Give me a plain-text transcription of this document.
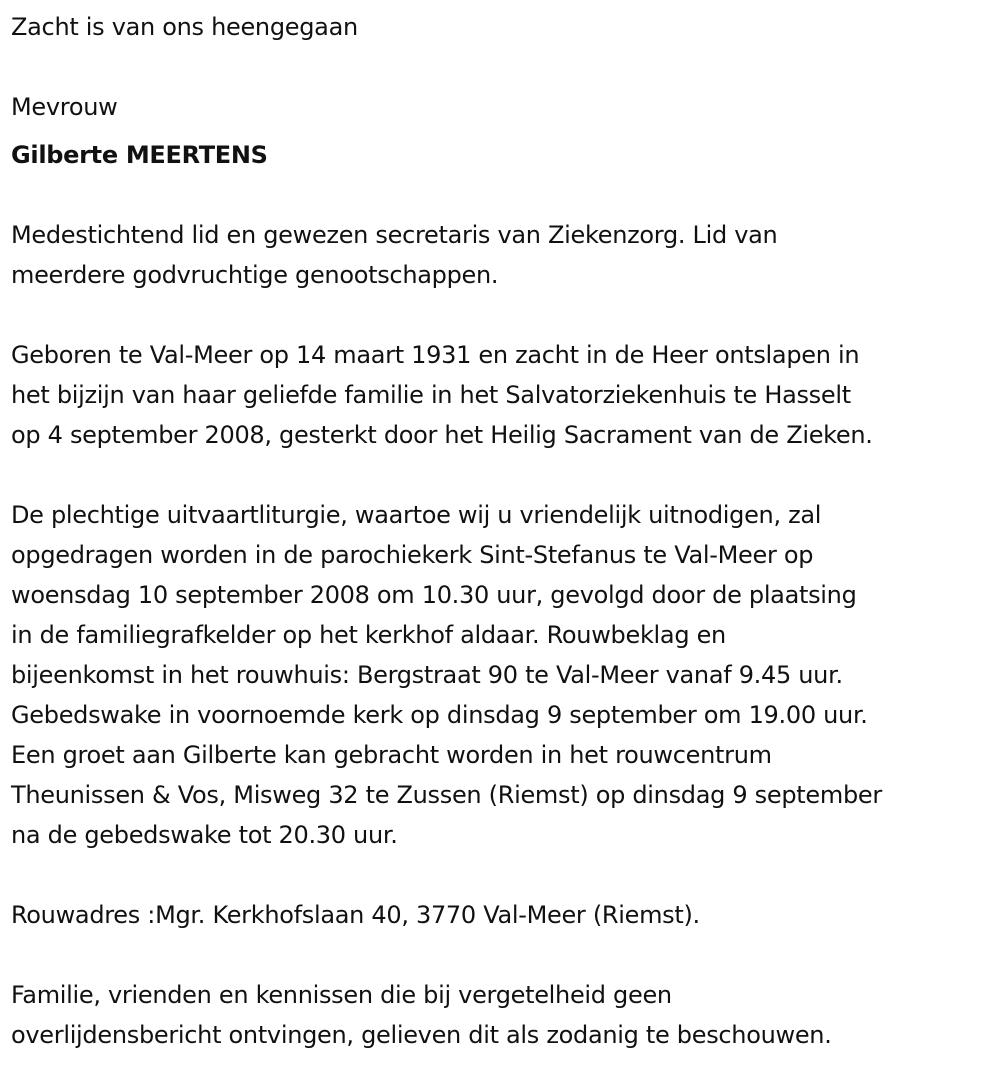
Zacht is van ons heengegaan

Mevrouw

Gilberte MEERTENS

Medestichtend lid en gewezen secretaris van Ziekenzorg. Lid van

meerdere godvruchtige genootschappen.

Geboren te Val-Meer op 14 maart 1931 en zacht in de Heer ontslapen in

het bijzijn van haar geliefde familie in het Salvatorziekenhuis te Hasselt

op 4 september 2008, gesterkt door het Heilig Sacrament van de Zieken.

De plechtige uitvaartliturgie, waartoe wij u vriendelijk uitnodigen, zal

opgedragen worden in de parochiekerk Sint-Stefanus te Val-Meer op

woensdag 10 september 2008 om 10.30 uur, gevolgd door de plaatsing

in de familiegrafkelder op het kerkhof aldaar. Rouwbeklag en

bijeenkomst in het rouwhuis: Bergstraat 90 te Val-Meer vanaf 9.45 uur.

Gebedswake in voornoemde kerk op dinsdag 9 september om 19.00 uur.

Een groet aan Gilberte kan gebracht worden in het rouwcentrum

Theunissen & Vos, Misweg 32 te Zussen (Riemst) op dinsdag 9 september

na de gebedswake tot 20.30 uur.

Rouwadres :Mgr. Kerkhofslaan 40, 3770 Val-Meer (Riemst).

Familie, vrienden en kennissen die bij vergetelheid geen

overlijdensbericht ontvingen, gelieven dit als zodanig te beschouwen.
